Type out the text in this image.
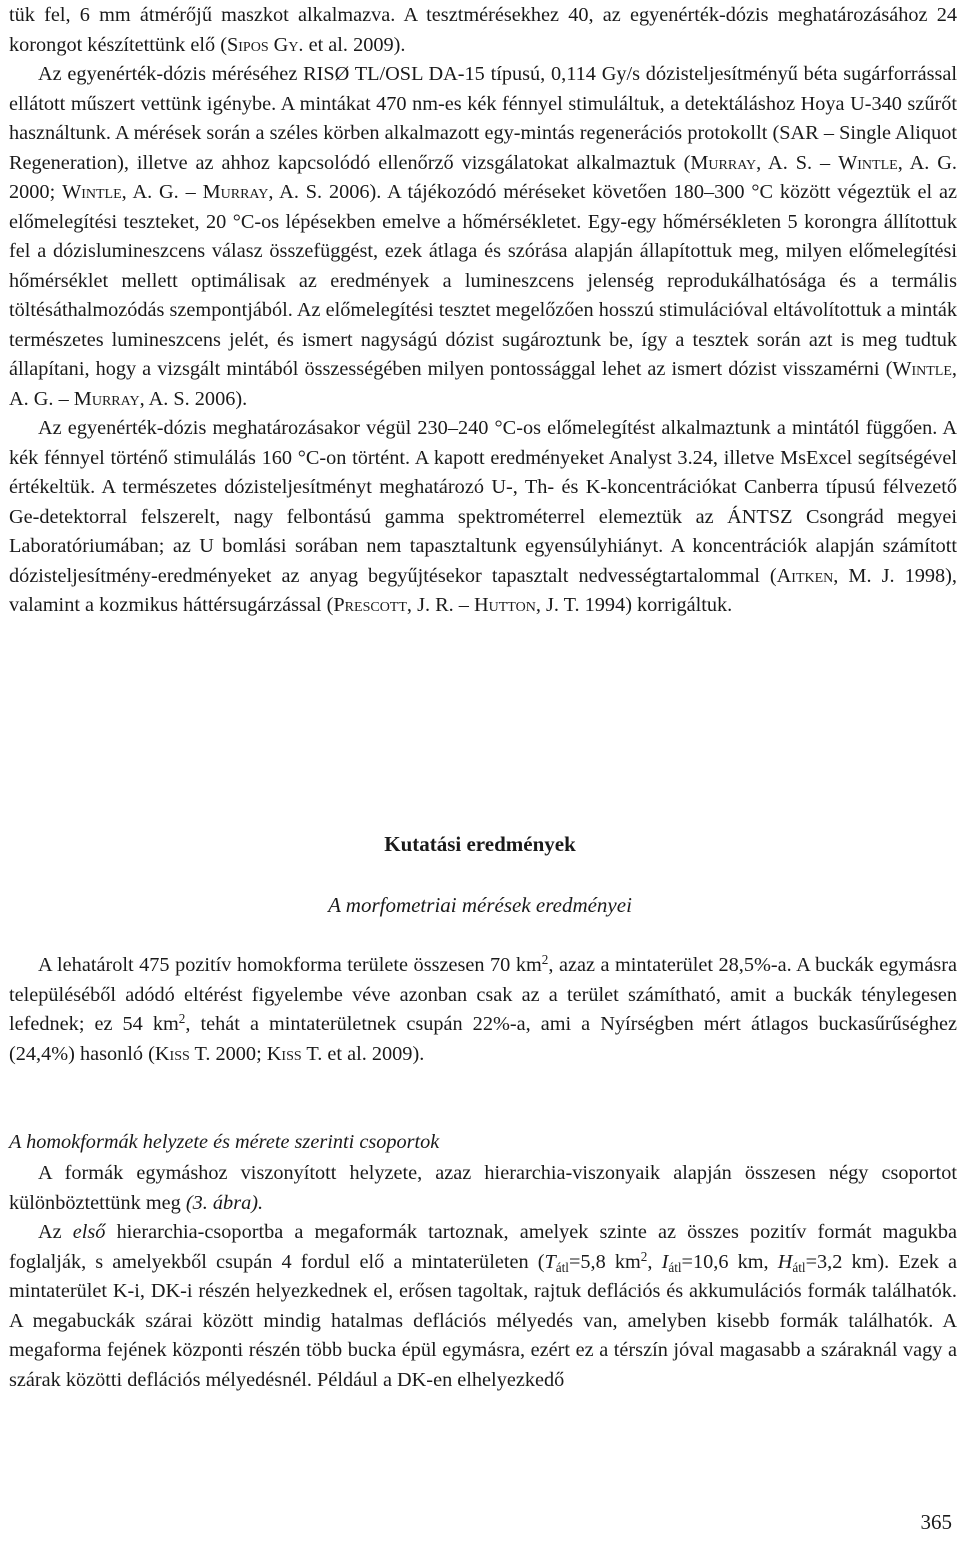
tük fel, 6 mm átmérőjű maszkot alkalmazva. A tesztmérésekhez 40, az egyenérték-dózis meghatározásához 24 korongot készítettünk elő (Sipos Gy. et al. 2009).

Az egyenérték-dózis méréséhez RISØ TL/OSL DA-15 típusú, 0,114 Gy/s dózisteljesítményű béta sugárforrással ellátott műszert vettünk igénybe. A mintákat 470 nm-es kék fénnyel stimuláltuk, a detektáláshoz Hoya U-340 szűrőt használtunk. A mérések során a széles körben alkalmazott egy-mintás regenerációs protokollt (SAR – Single Aliquot Regeneration), illetve az ahhoz kapcsolódó ellenőrző vizsgálatokat alkalmaztuk (Murray, A. S. – Wintle, A. G. 2000; Wintle, A. G. – Murray, A. S. 2006). A tájékozódó méréseket követően 180–300 °C között végeztük el az előmelegítési teszteket, 20 °C-os lépésekben emelve a hőmérsékletet. Egy-egy hőmérsékleten 5 korongra állítottuk fel a dózislumineszcens válasz összefüggést, ezek átlaga és szórása alapján állapítottuk meg, milyen előmelegítési hőmérséklet mellett optimálisak az eredmények a lumineszcens jelenség reprodukálhatósága és a termális töltésáthalmozódás szempontjából. Az előmelegítési tesztet megelőzően hosszú stimulációval eltávolítottuk a minták természetes lumineszcens jelét, és ismert nagyságú dózist sugároztunk be, így a tesztek során azt is meg tudtuk állapítani, hogy a vizsgált mintából összességében milyen pontossággal lehet az ismert dózist visszamérni (Wintle, A. G. – Murray, A. S. 2006).

Az egyenérték-dózis meghatározásakor végül 230–240 °C-os előmelegítést alkalmaztunk a mintától függően. A kék fénnyel történő stimulálás 160 °C-on történt. A kapott eredményeket Analyst 3.24, illetve MsExcel segítségével értékeltük. A természetes dózisteljesítményt meghatározó U-, Th- és K-koncentrációkat Canberra típusú félvezető Ge-detektorral felszerelt, nagy felbontású gamma spektrométerrel elemeztük az ÁNTSZ Csongrád megyei Laboratóriumában; az U bomlási sorában nem tapasztaltunk egyensúlyhiányt. A koncentrációk alapján számított dózisteljesítmény-eredményeket az anyag begyűjtésekor tapasztalt nedvességtartalommal (Aitken, M. J. 1998), valamint a kozmikus háttérsugárzással (Prescott, J. R. – Hutton, J. T. 1994) korrigáltuk.

Kutatási eredmények
A morfometriai mérések eredményei

A lehatárolt 475 pozitív homokforma területe összesen 70 $km^2$, azaz a mintaterület 28,5%-a. A buckák egymásra településéből adódó eltérést figyelembe véve azonban csak az a terület számítható, amit a buckák ténylegesen lefednek; ez 54 $km^2$, tehát a mintaterületnek csupán 22%-a, ami a Nyírségben mért átlagos buckasűrűséghez (24,4%) hasonló (Kiss T. 2000; Kiss T. et al. 2009).

A homokformák helyzete és mérete szerinti csoportok

A formák egymáshoz viszonyított helyzete, azaz hierarchia-viszonyaik alapján összesen négy csoportot különböztettünk meg (3. ábra).

Az első hierarchia-csoportba a megaformák tartoznak, amelyek szinte az összes pozitív formát magukba foglalják, s amelyekből csupán 4 fordul elő a mintaterületen ($T_{átl}=5,8$ $km^2$, $I_{átl}=10,6$ km, $H_{átl}=3,2$ km). Ezek a mintaterület K-i, DK-i részén helyezkednek el, erősen tagoltak, rajtuk deflációs és akkumulációs formák találhatók. A megabuckák szárai között mindig hatalmas deflációs mélyedés van, amelyben kisebb formák találhatók. A megaforma fejének központi részén több bucka épül egymásra, ezért ez a térszín jóval magasabb a száraknál vagy a szárak közötti deflációs mélyedésnél. Például a DK-en elhelyezkedő

365
